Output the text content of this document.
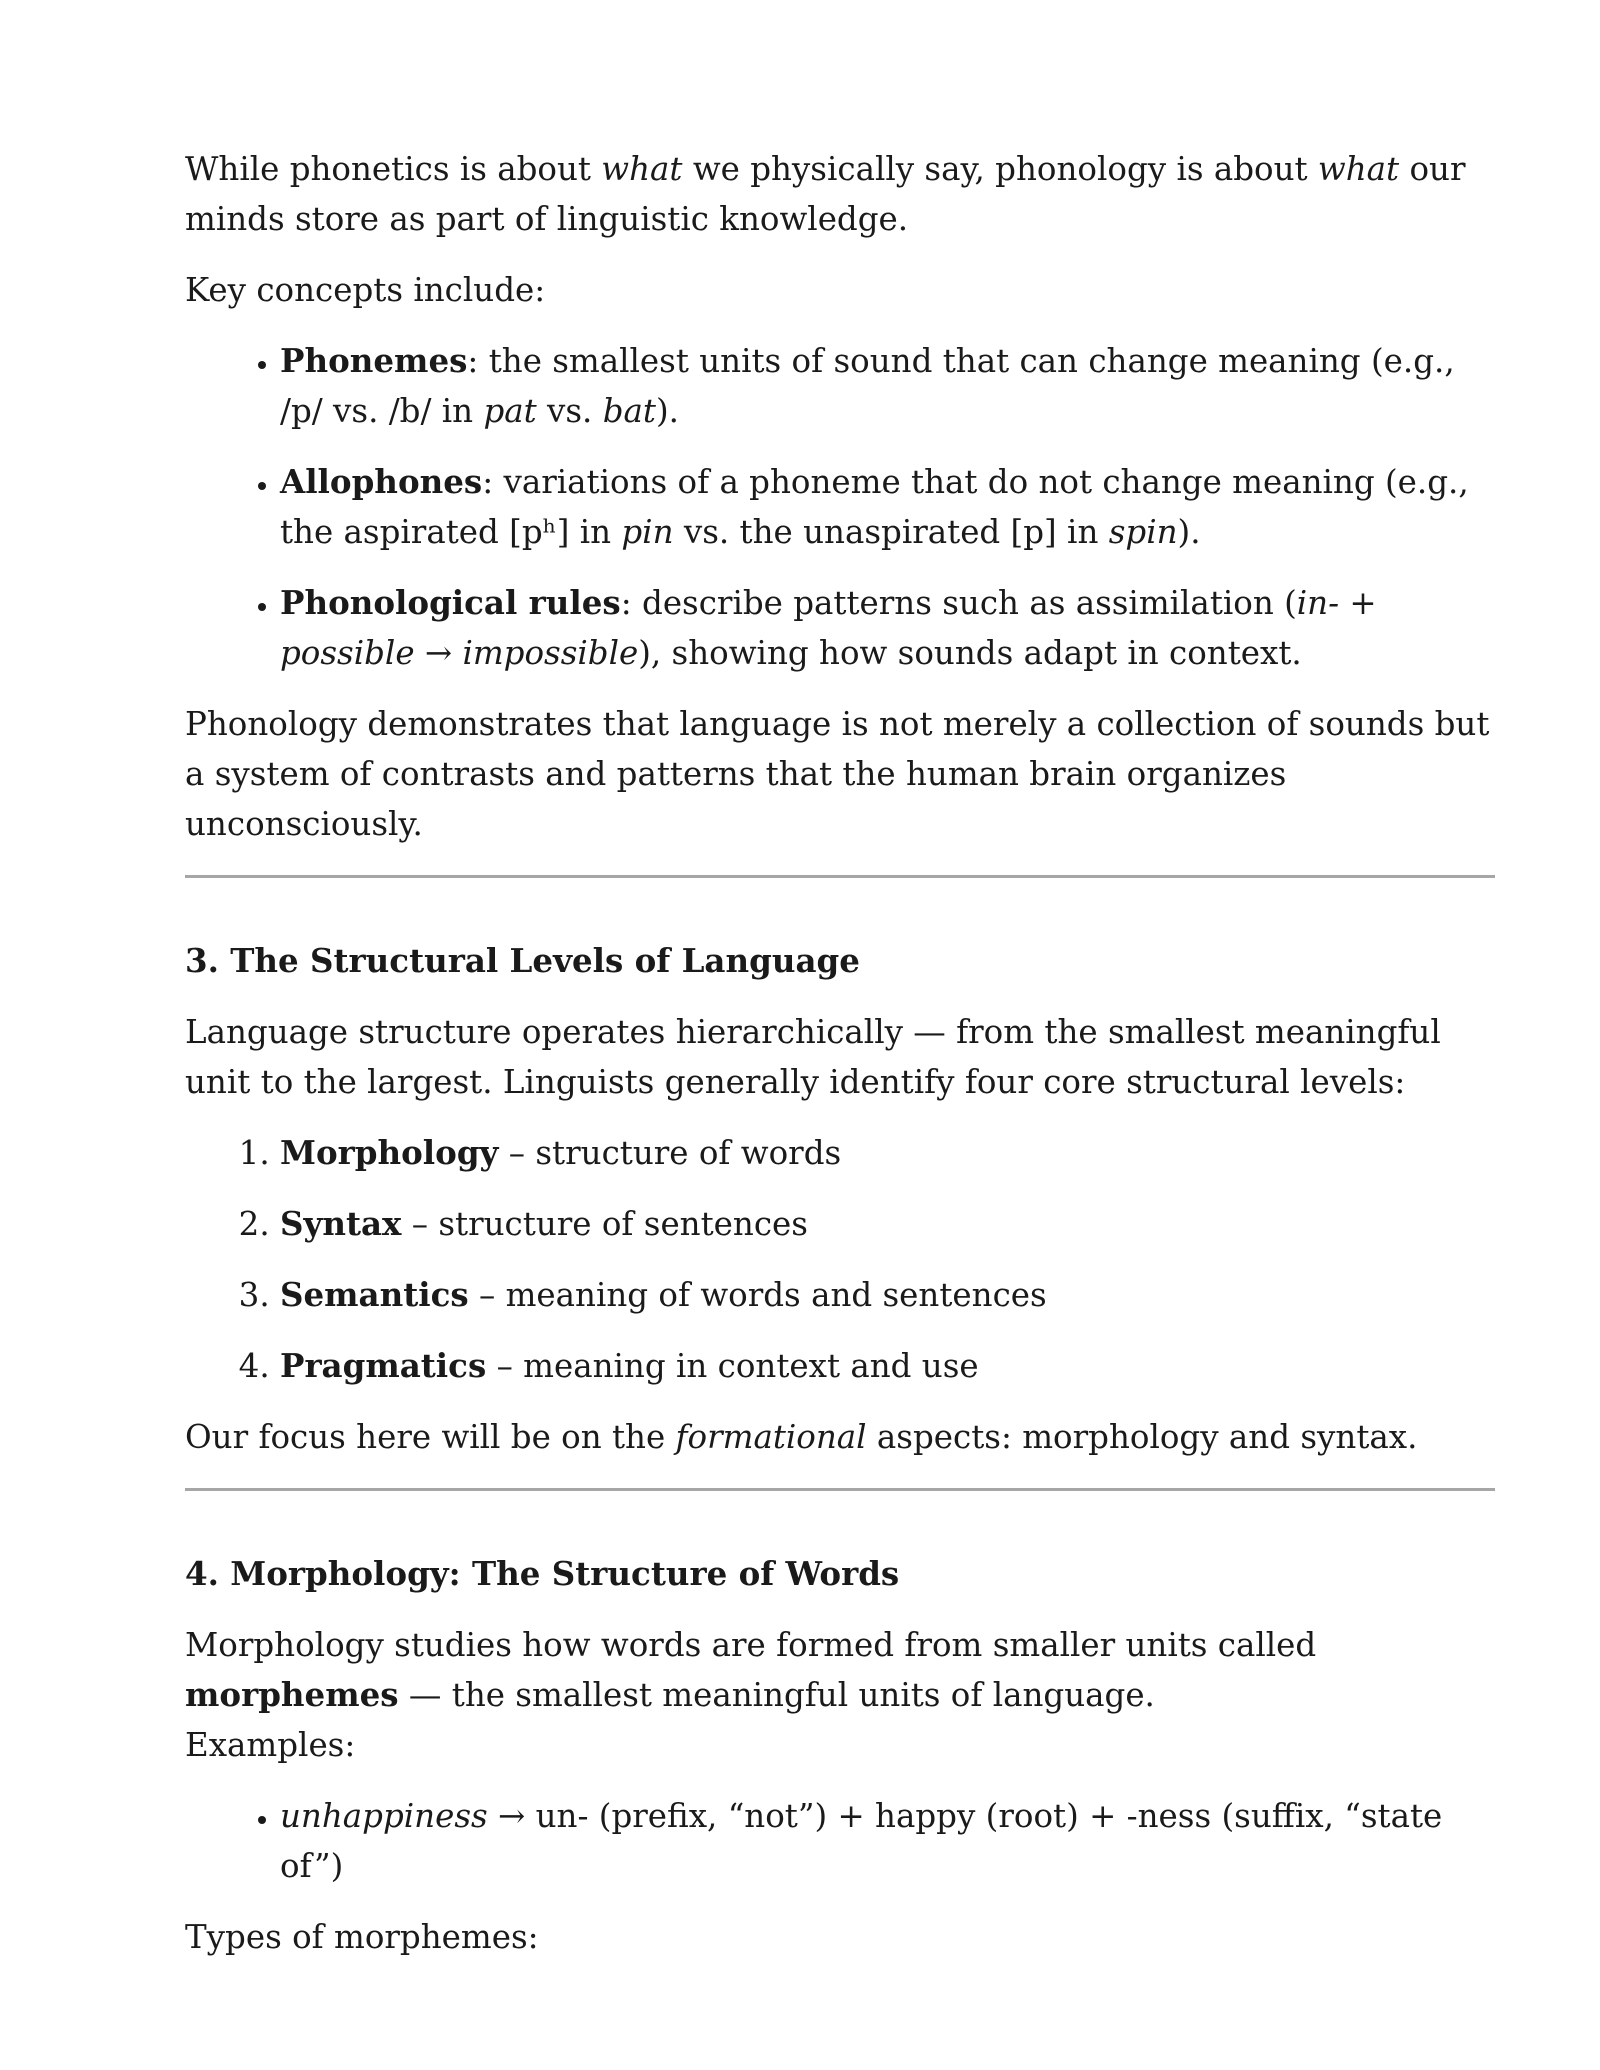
While phonetics is about what we physically say, phonology is about what our minds store as part of linguistic knowledge.

Key concepts include:

• Phonemes: the smallest units of sound that can change meaning (e.g., /p/ vs. /b/ in pat vs. bat).
• Allophones: variations of a phoneme that do not change meaning (e.g., the aspirated [pʰ] in pin vs. the unaspirated [p] in spin).
• Phonological rules: describe patterns such as assimilation (in- + possible → impossible), showing how sounds adapt in context.

Phonology demonstrates that language is not merely a collection of sounds but a system of contrasts and patterns that the human brain organizes unconsciously.

3. The Structural Levels of Language

Language structure operates hierarchically — from the smallest meaningful unit to the largest. Linguists generally identify four core structural levels:

1. Morphology – structure of words
2. Syntax – structure of sentences
3. Semantics – meaning of words and sentences
4. Pragmatics – meaning in context and use

Our focus here will be on the formational aspects: morphology and syntax.

4. Morphology: The Structure of Words

Morphology studies how words are formed from smaller units called morphemes — the smallest meaningful units of language.
Examples:

• unhappiness → un- (prefix, “not”) + happy (root) + -ness (suffix, “state of”)

Types of morphemes:
